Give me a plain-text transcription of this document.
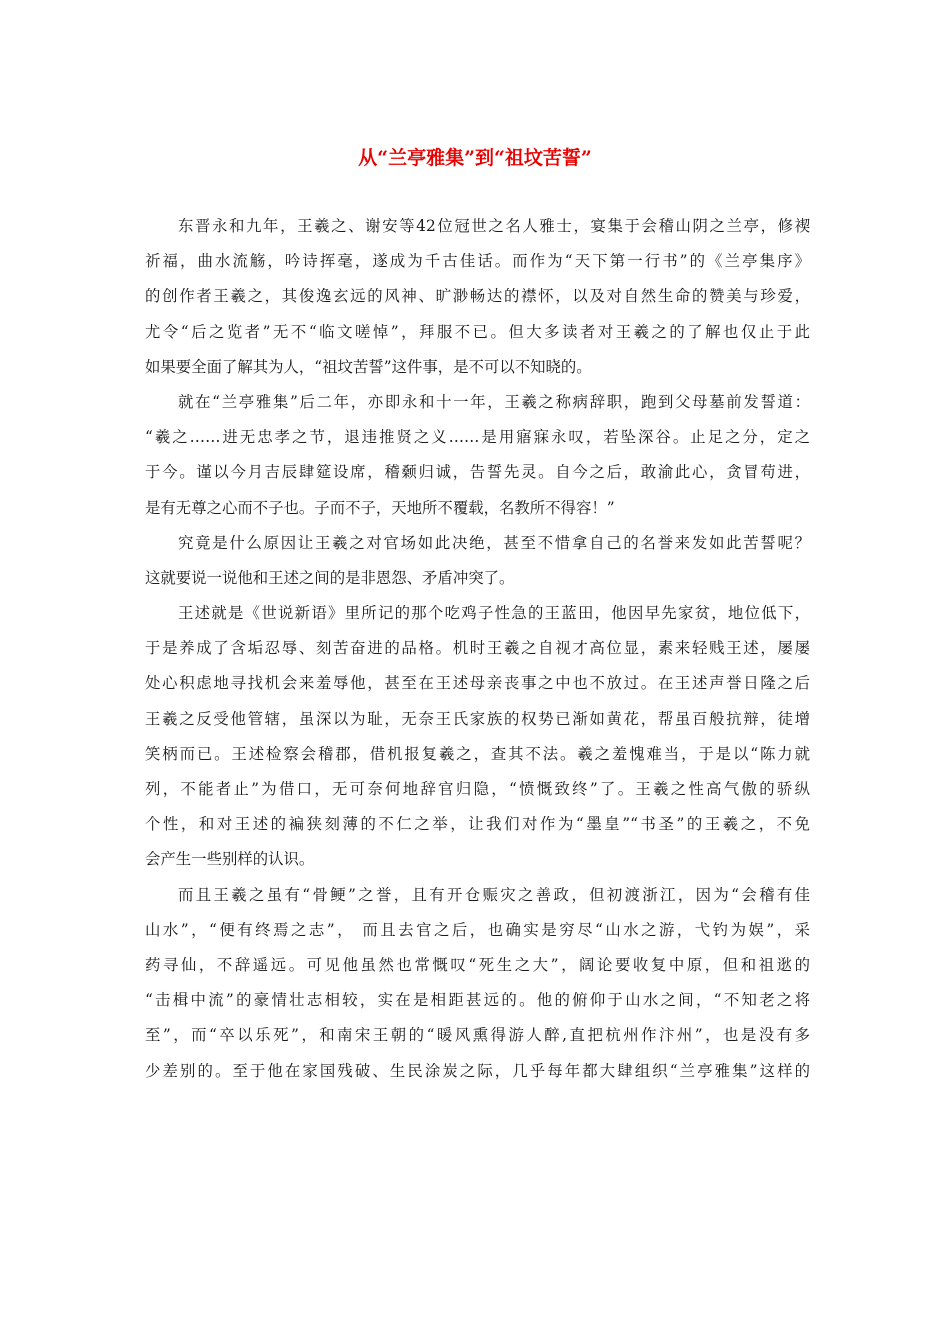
从“兰亭雅集”到“祖坟苦誓”
东晋永和九年，王羲之、谢安等42位冠世之名人雅士，宴集于会稽山阴之兰亭，修禊
祈福，曲水流觞，吟诗挥毫，遂成为千古佳话。而作为“天下第一行书”的《兰亭集序》
的创作者王羲之，其俊逸玄远的风神、旷渺畅达的襟怀，以及对自然生命的赞美与珍爱，
尤令“后之览者”无不“临文嗟悼”，拜服不已。但大多读者对王羲之的了解也仅止于此
如果要全面了解其为人，“祖坟苦誓”这件事，是不可以不知晓的。
就在“兰亭雅集”后二年，亦即永和十一年，王羲之称病辞职，跑到父母墓前发誓道：
“羲之……进无忠孝之节，退违推贤之义……是用寤寐永叹，若坠深谷。止足之分，定之
于今。谨以今月吉辰肆筵设席，稽颡归诚，告誓先灵。自今之后，敢渝此心，贪冒苟进，
是有无尊之心而不子也。子而不子，天地所不覆载，名教所不得容！”
究竟是什么原因让王羲之对官场如此决绝，甚至不惜拿自己的名誉来发如此苦誓呢？
这就要说一说他和王述之间的是非恩怨、矛盾冲突了。
王述就是《世说新语》里所记的那个吃鸡子性急的王蓝田，他因早先家贫，地位低下，
于是养成了含垢忍辱、刻苦奋进的品格。机时王羲之自视才高位显，素来轻贱王述，屡屡
处心积虑地寻找机会来羞辱他，甚至在王述母亲丧事之中也不放过。在王述声誉日隆之后
王羲之反受他管辖，虽深以为耻，无奈王氏家族的权势已渐如黄花，帮虽百般抗辩，徒增
笑柄而已。王述检察会稽郡，借机报复羲之，查其不法。羲之羞愧难当，于是以“陈力就
列，不能者止”为借口，无可奈何地辞官归隐，“愤慨致终”了。王羲之性高气傲的骄纵
个性，和对王述的褊狭刻薄的不仁之举，让我们对作为“墨皇”“书圣”的王羲之，不免
会产生一些别样的认识。
而且王羲之虽有“骨鲠”之誉，且有开仓赈灾之善政，但初渡浙江，因为“会稽有佳
山水”，“便有终焉之志”， 而且去官之后，也确实是穷尽“山水之游，弋钓为娱”，采
药寻仙，不辞遥远。可见他虽然也常慨叹“死生之大”，阔论要收复中原，但和祖逖的
“击楫中流”的豪情壮志相较，实在是相距甚远的。他的俯仰于山水之间，“不知老之将
至”，而“卒以乐死”，和南宋王朝的“暖风熏得游人醉,直把杭州作汴州”，也是没有多
少差别的。至于他在家国残破、生民涂炭之际，几乎每年都大肆组织“兰亭雅集”这样的
